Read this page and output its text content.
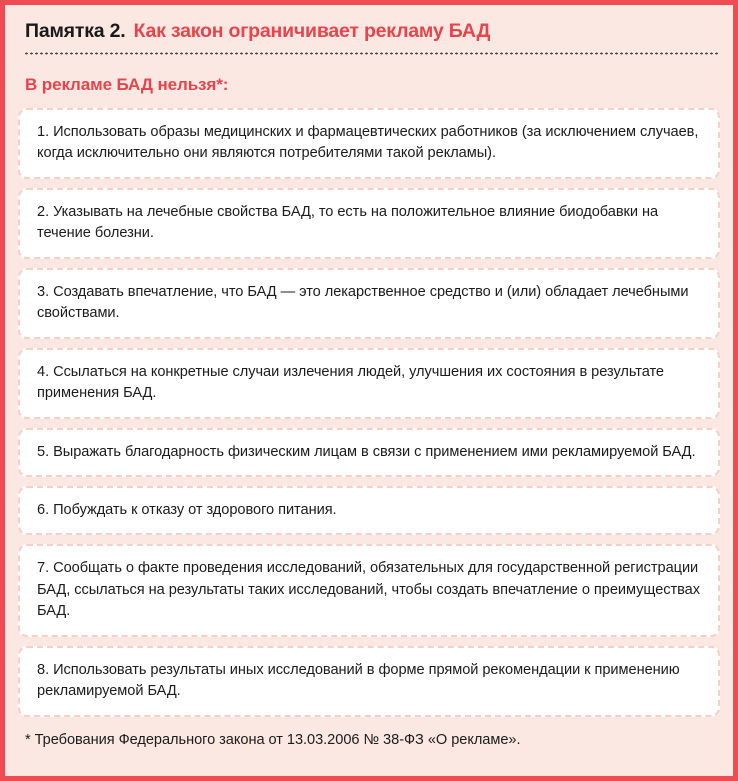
Памятка 2. Как закон ограничивает рекламу БАД
В рекламе БАД нельзя*:
1. Использовать образы медицинских и фармацевтических работников (за исключением случаев, когда исключительно они являются потребителями такой рекламы).
2. Указывать на лечебные свойства БАД, то есть на положительное влияние биодобавки на течение болезни.
3. Создавать впечатление, что БАД — это лекарственное средство и (или) обладает лечебными свойствами.
4. Ссылаться на конкретные случаи излечения людей, улучшения их состояния в результате применения БАД.
5. Выражать благодарность физическим лицам в связи с применением ими рекламируемой БАД.
6. Побуждать к отказу от здорового питания.
7. Сообщать о факте проведения исследований, обязательных для государственной регистрации БАД, ссылаться на результаты таких исследований, чтобы создать впечатление о преимуществах БАД.
8. Использовать результаты иных исследований в форме прямой рекомендации к применению рекламируемой БАД.
* Требования Федерального закона от 13.03.2006 № 38-ФЗ «О рекламе».
